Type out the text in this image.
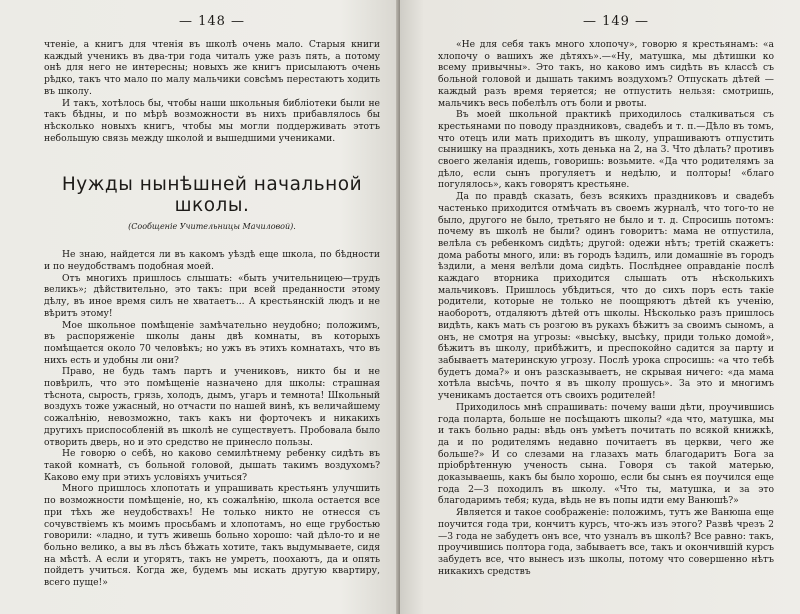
— 148 —

чтеніе, а книгъ для чтенія въ школѣ очень мало. Старыя книги каждый ученикъ въ два-три года читалъ уже разъ пять, а потому онѣ для него не интересны; новыхъ же книгъ присылаютъ очень рѣдко, такъ что мало по малу мальчики совсѣмъ перестаютъ ходить въ школу.

И такъ, хотѣлось бы, чтобы наши школьныя библіотеки были не такъ бѣдны, и по мѣрѣ возможности въ нихъ прибавлялось бы нѣсколько новыхъ книгъ, чтобы мы могли поддерживать этотъ небольшую связь между школой и вышедшими учениками.

Нужды нынѣшней начальной школы.
(Сообщеніе Учительницы Мачиловой).

Не знаю, найдется ли въ какомъ уѣздѣ еще школа, по бѣдности и по неудобствамъ подобная моей.

Отъ многихъ пришлось слышать: «быть учительницею—трудъ великъ»; дѣйствительно, это такъ: при всей преданности этому дѣлу, въ иное время силъ не хватаетъ... А крестьянскій людъ и не вѣритъ этому!

Мое школьное помѣщеніе замѣчательно неудобно; положимъ, въ распоряженіе школы даны двѣ комнаты, въ которыхъ помѣщается около 70 человѣкъ; но ужъ въ этихъ комнатахъ, что въ нихъ есть и удобны ли они?

Право, не будь тамъ партъ и учениковъ, никто бы и не повѣрилъ, что это помѣщеніе назначено для школы: страшная тѣснота, сырость, грязь, холодъ, дымъ, угаръ и темнота! Школьный воздухъ тоже ужасный, но отчасти по нашей винѣ, къ величайшему сожалѣнію, невозможно, такъ какъ ни форточекъ и никакихъ другихъ приспособленій въ школѣ не существуетъ. Пробовала было отворить дверь, но и это средство не принесло пользы.

Не говорю о себѣ, но каково семилѣтнему ребенку сидѣть въ такой комнатѣ, съ больной головой, дышать такимъ воздухомъ? Каково ему при этихъ условіяхъ учиться?

Много пришлось хлопотать и упрашивать крестьянъ улучшить по возможности помѣщеніе, но, къ сожалѣнію, школа остается все при тѣхъ же неудобствахъ! Не только никто не отнесся съ сочувствіемъ къ моимъ просьбамъ и хлопотамъ, но еще грубостью говорили: «ладно, и тутъ живешь больно хорошо: чай дѣло-то и не больно велико, а вы въ лѣсъ бѣжать хотите, такъ выдумываете, сидя на мѣстѣ. А если и угорятъ, такъ не умретъ, поохаютъ, да и опять пойдетъ учиться. Когда же, будемъ мы искать другую квартиру, всего пуще!»

— 149 —

«Не для себя такъ много хлопочу», говорю я крестьянамъ: «а хлопочу о вашихъ же дѣтяхъ».—«Ну, матушка, мы дѣтишки ко всему привычны». Это такъ, но каково имъ сидѣть въ классѣ съ больной головой и дышать такимъ воздухомъ? Отпускать дѣтей — каждый разъ время теряется; не отпустить нельзя: смотришь, мальчикъ весь побелѣлъ отъ боли и рвоты.

Въ моей школьной практикѣ приходилось сталкиваться съ крестьянами по поводу праздниковъ, свадебъ и т. п.—Дѣло въ томъ, что отецъ или мать приходитъ въ школу, упрашиваютъ отпустить сынишку на праздникъ, хоть денька на 2, на 3. Что дѣлать? противъ своего желанія идешь, говоришь: возьмите. «Да что родителямъ за дѣло, если сынъ прогуляетъ и недѣлю, и полторы! «благо погулялось», какъ говорятъ крестьяне.

Да по правдѣ сказать, безъ всякихъ праздниковъ и свадебъ частенько приходится отмѣчать въ своемъ журналѣ, что того-то не было, другого не было, третьяго не было и т. д. Спросишь потомъ: почему въ школѣ не были? одинъ говоритъ: мама не отпустила, велѣла съ ребенкомъ сидѣть; другой: одежи нѣтъ; третій скажетъ: дома работы много, или: въ городъ ѣздилъ, или домашніе въ городъ ѣздили, а меня велѣли дома сидѣть. Послѣднее оправданіе послѣ каждаго вторника приходится слышать отъ нѣсколькихъ мальчиковъ. Пришлось убѣдиться, что до сихъ поръ есть такіе родители, которые не только не поощряютъ дѣтей къ ученію, наоборотъ, отдаляютъ дѣтей отъ школы. Нѣсколько разъ пришлось видѣть, какъ мать съ розгою въ рукахъ бѣжитъ за своимъ сыномъ, а онъ, не смотря на угрозы: «высѣку, высѣку, приди только домой», бѣжитъ въ школу, прибѣжитъ, и преспокойно садится за парту и забываетъ материнскую угрозу. Послѣ урока спросишь: «а что тебѣ будетъ дома?» и онъ разсказываетъ, не скрывая ничего: «да мама хотѣла высѣчь, почто я въ школу прошусь». За это и многимъ ученикамъ достается отъ своихъ родителей!

Приходилось мнѣ спрашивать: почему ваши дѣти, проучившись года поларта, больше не посѣщаютъ школы? «да что, матушка, мы и такъ больно рады: вѣдь онъ умѣетъ почитать по всякой книжкѣ, да и по родителямъ недавно почитаетъ въ церкви, чего же больше?» И со слезами на глазахъ мать благодаритъ Бога за пріобрѣтенную ученость сына. Говоря съ такой матерью, доказываешь, какъ бы было хорошо, если бы сынъ ея поучился еще года 2—3 походилъ въ школу. «Что ты, матушка, и за это благодаримъ тебя; куда, вѣдь не въ попы идти ему Ванюшѣ?»

Является и такое соображеніе: положимъ, тутъ же Ванюша еще поучится года три, кончитъ курсъ, что-жъ изъ этого? Развѣ чрезъ 2—3 года не забудетъ онъ все, что узналъ въ школѣ? Все равно: такъ, проучившись полтора года, забываетъ все, такъ и окончившій курсъ забудетъ все, что вынесъ изъ школы, потому что совершенно нѣтъ никакихъ средствъ
